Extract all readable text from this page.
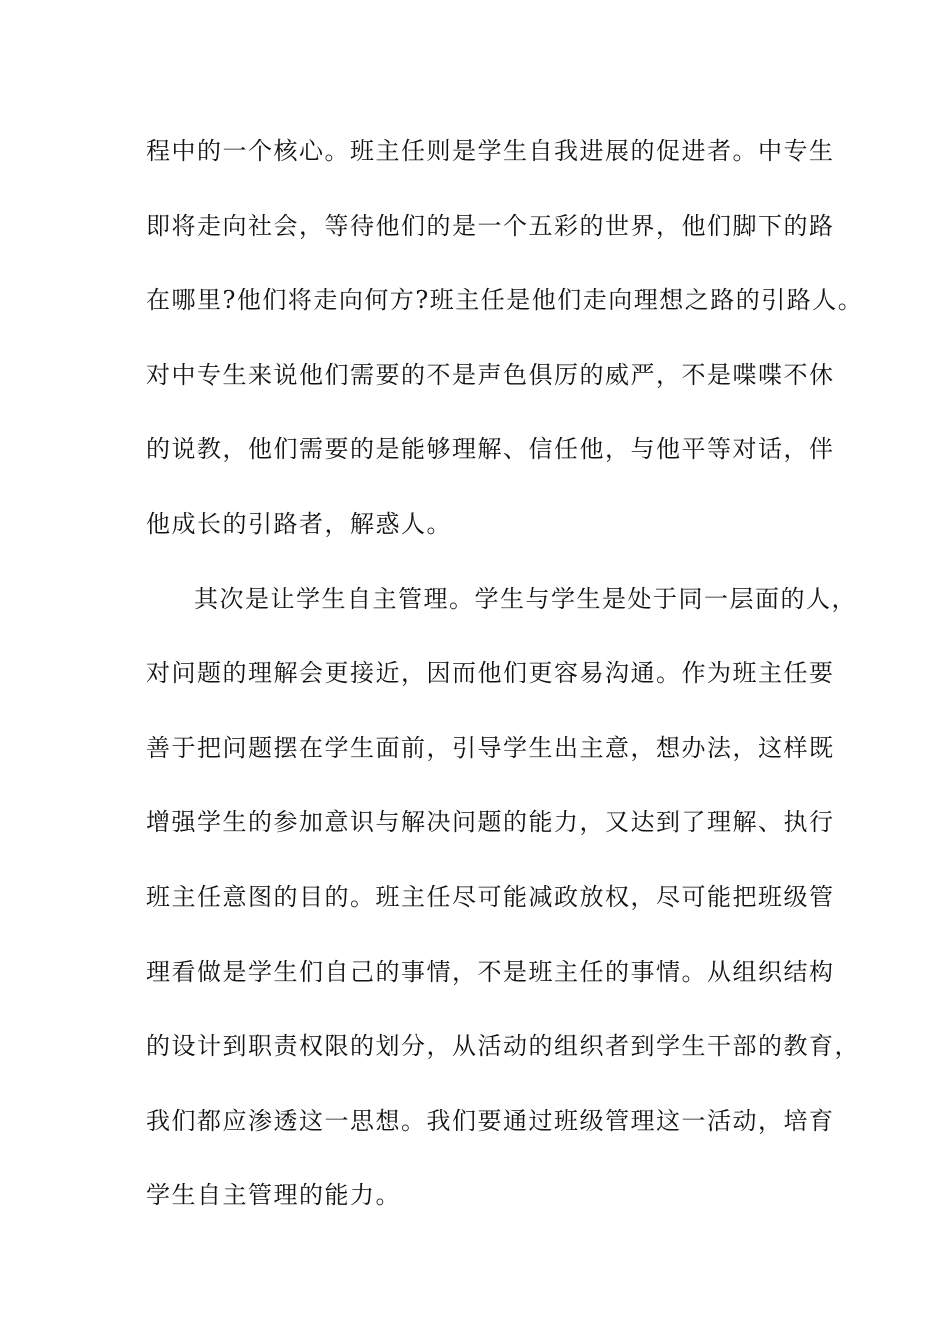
程中的一个核心。班主任则是学生自我进展的促进者。中专生
即将走向社会，等待他们的是一个五彩的世界，他们脚下的路
在哪里?他们将走向何方?班主任是他们走向理想之路的引路人。
对中专生来说他们需要的不是声色俱厉的威严，不是喋喋不休
的说教，他们需要的是能够理解、信任他，与他平等对话，伴
他成长的引路者，解惑人。

其次是让学生自主管理。学生与学生是处于同一层面的人，
对问题的理解会更接近，因而他们更容易沟通。作为班主任要
善于把问题摆在学生面前，引导学生出主意，想办法，这样既
增强学生的参加意识与解决问题的能力，又达到了理解、执行
班主任意图的目的。班主任尽可能减政放权，尽可能把班级管
理看做是学生们自己的事情，不是班主任的事情。从组织结构
的设计到职责权限的划分，从活动的组织者到学生干部的教育，
我们都应渗透这一思想。我们要通过班级管理这一活动，培育
学生自主管理的能力。
